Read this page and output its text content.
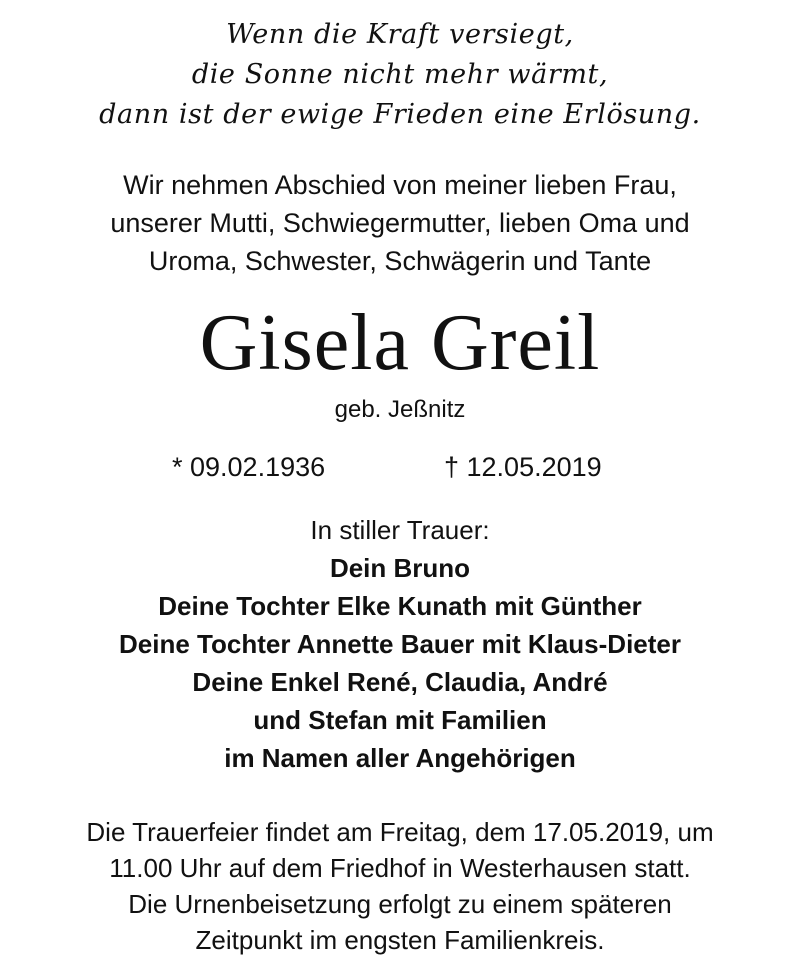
Wenn die Kraft versiegt,
die Sonne nicht mehr wärmt,
dann ist der ewige Frieden eine Erlösung.
Wir nehmen Abschied von meiner lieben Frau,
unserer Mutti, Schwiegermutter, lieben Oma und
Uroma, Schwester, Schwägerin und Tante
Gisela Greil
geb. Jeßnitz
* 09.02.1936	† 12.05.2019
In stiller Trauer:
Dein Bruno
Deine Tochter Elke Kunath mit Günther
Deine Tochter Annette Bauer mit Klaus-Dieter
Deine Enkel René, Claudia, André
und Stefan mit Familien
im Namen aller Angehörigen
Die Trauerfeier findet am Freitag, dem 17.05.2019, um
11.00 Uhr auf dem Friedhof in Westerhausen statt.
Die Urnenbeisetzung erfolgt zu einem späteren
Zeitpunkt im engsten Familienkreis.
